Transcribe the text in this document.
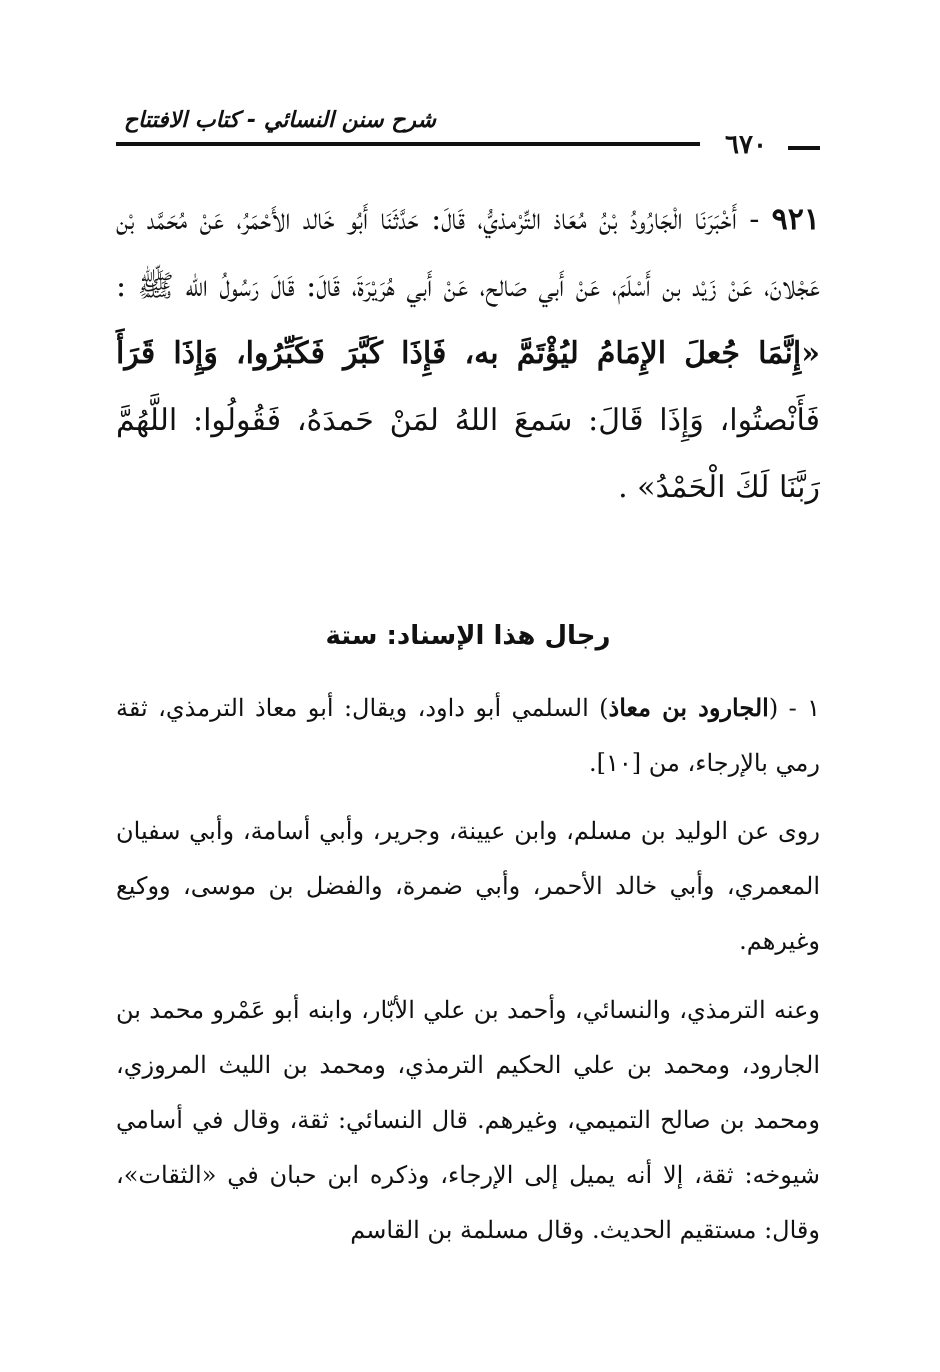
شرح سنن النسائي - كتاب الافتتاح
٦٧٠
٩٢١ - أَخْبَرَنَا الْجَارُودُ بْنُ مُعَاذ التِّرْمذيُّ، قَالَ: حَدَّثَنَا أَبُو خَالد الأَحْمَرُ، عَنْ مُحَمَّد بْن عَجْلانَ، عَنْ زَيْد بن أَسْلَمَ، عَنْ أَبي صَالح، عَنْ أَبي هُرَيْرَةَ، قَالَ: قَالَ رَسُولُ الله ﷺ : «إِنَّمَا جُعلَ الإِمَامُ ليُؤْتَمَّ به، فَإِذَا كَبَّرَ فَكَبِّرُوا، وَإِذَا قَرَأَ فَأَنْصتُوا، وَإِذَا قَالَ: سَمعَ اللهُ لمَنْ حَمدَهُ، فَقُولُوا: اللَّهُمَّ رَبَّنَا لَكَ الْحَمْدُ» .
رجال هذا الإسناد: ستة
١ - (الجارود بن معاذ) السلمي أبو داود، ويقال: أبو معاذ الترمذي، ثقة رمي بالإرجاء، من [١٠].
روى عن الوليد بن مسلم، وابن عيينة، وجرير، وأبي أسامة، وأبي سفيان المعمري، وأبي خالد الأحمر، وأبي ضمرة، والفضل بن موسى، ووكيع وغيرهم.
وعنه الترمذي، والنسائي، وأحمد بن علي الأبّار، وابنه أبو عَمْرو محمد بن الجارود، ومحمد بن علي الحكيم الترمذي، ومحمد بن الليث المروزي، ومحمد بن صالح التميمي، وغيرهم. قال النسائي: ثقة، وقال في أسامي شيوخه: ثقة، إلا أنه يميل إلى الإرجاء، وذكره ابن حبان في «الثقات»، وقال: مستقيم الحديث. وقال مسلمة بن القاسم
